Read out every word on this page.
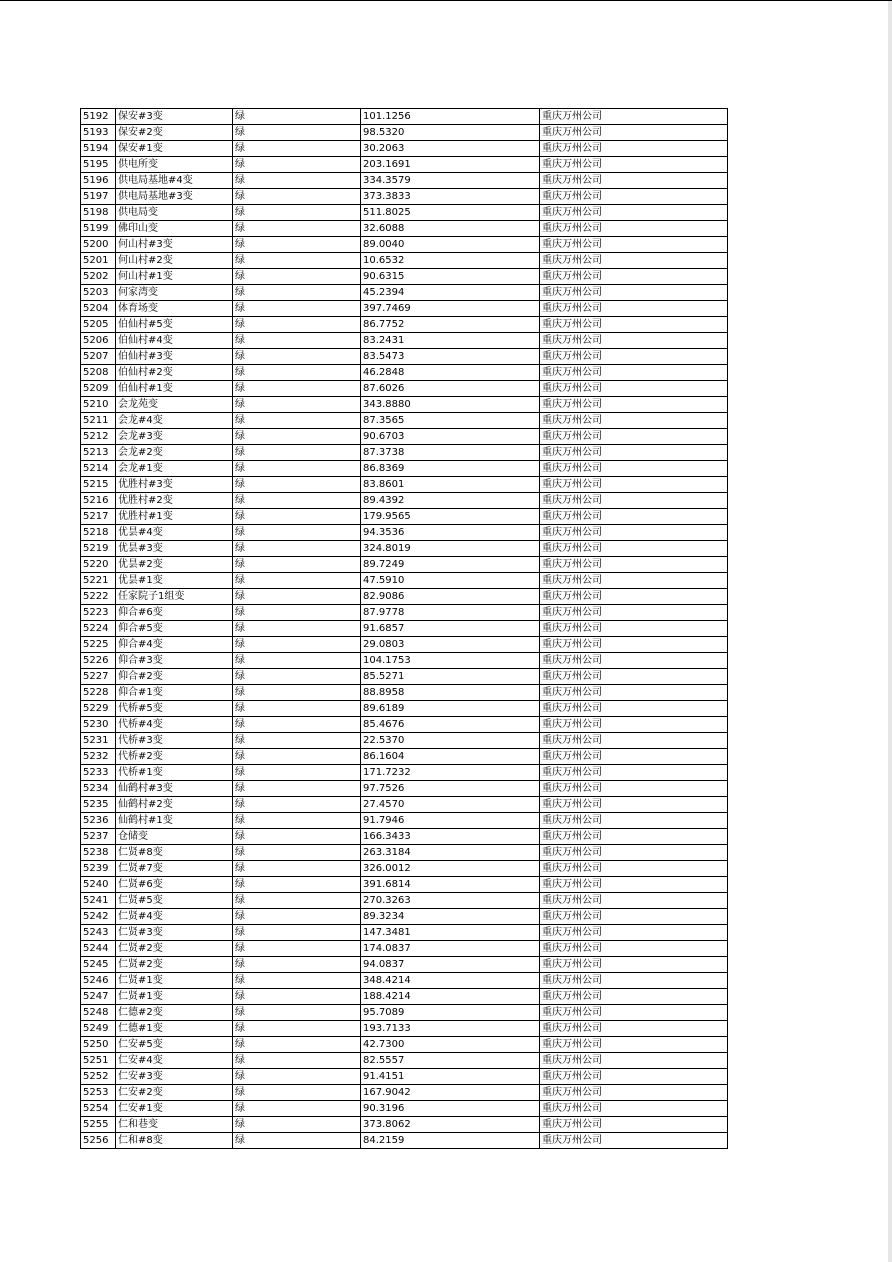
5192	保安#3变	绿	101.1256	重庆万州公司
5193	保安#2变	绿	98.5320	重庆万州公司
5194	保安#1变	绿	30.2063	重庆万州公司
5195	供电所变	绿	203.1691	重庆万州公司
5196	供电局基地#4变	绿	334.3579	重庆万州公司
5197	供电局基地#3变	绿	373.3833	重庆万州公司
5198	供电局变	绿	511.8025	重庆万州公司
5199	佛印山变	绿	32.6088	重庆万州公司
5200	何山村#3变	绿	89.0040	重庆万州公司
5201	何山村#2变	绿	10.6532	重庆万州公司
5202	何山村#1变	绿	90.6315	重庆万州公司
5203	何家湾变	绿	45.2394	重庆万州公司
5204	体育场变	绿	397.7469	重庆万州公司
5205	伯仙村#5变	绿	86.7752	重庆万州公司
5206	伯仙村#4变	绿	83.2431	重庆万州公司
5207	伯仙村#3变	绿	83.5473	重庆万州公司
5208	伯仙村#2变	绿	46.2848	重庆万州公司
5209	伯仙村#1变	绿	87.6026	重庆万州公司
5210	会龙苑变	绿	343.8880	重庆万州公司
5211	会龙#4变	绿	87.3565	重庆万州公司
5212	会龙#3变	绿	90.6703	重庆万州公司
5213	会龙#2变	绿	87.3738	重庆万州公司
5214	会龙#1变	绿	86.8369	重庆万州公司
5215	优胜村#3变	绿	83.8601	重庆万州公司
5216	优胜村#2变	绿	89.4392	重庆万州公司
5217	优胜村#1变	绿	179.9565	重庆万州公司
5218	优昙#4变	绿	94.3536	重庆万州公司
5219	优昙#3变	绿	324.8019	重庆万州公司
5220	优昙#2变	绿	89.7249	重庆万州公司
5221	优昙#1变	绿	47.5910	重庆万州公司
5222	任家院子1组变	绿	82.9086	重庆万州公司
5223	仰合#6变	绿	87.9778	重庆万州公司
5224	仰合#5变	绿	91.6857	重庆万州公司
5225	仰合#4变	绿	29.0803	重庆万州公司
5226	仰合#3变	绿	104.1753	重庆万州公司
5227	仰合#2变	绿	85.5271	重庆万州公司
5228	仰合#1变	绿	88.8958	重庆万州公司
5229	代桥#5变	绿	89.6189	重庆万州公司
5230	代桥#4变	绿	85.4676	重庆万州公司
5231	代桥#3变	绿	22.5370	重庆万州公司
5232	代桥#2变	绿	86.1604	重庆万州公司
5233	代桥#1变	绿	171.7232	重庆万州公司
5234	仙鹤村#3变	绿	97.7526	重庆万州公司
5235	仙鹤村#2变	绿	27.4570	重庆万州公司
5236	仙鹤村#1变	绿	91.7946	重庆万州公司
5237	仓储变	绿	166.3433	重庆万州公司
5238	仁贤#8变	绿	263.3184	重庆万州公司
5239	仁贤#7变	绿	326.0012	重庆万州公司
5240	仁贤#6变	绿	391.6814	重庆万州公司
5241	仁贤#5变	绿	270.3263	重庆万州公司
5242	仁贤#4变	绿	89.3234	重庆万州公司
5243	仁贤#3变	绿	147.3481	重庆万州公司
5244	仁贤#2变	绿	174.0837	重庆万州公司
5245	仁贤#2变	绿	94.0837	重庆万州公司
5246	仁贤#1变	绿	348.4214	重庆万州公司
5247	仁贤#1变	绿	188.4214	重庆万州公司
5248	仁德#2变	绿	95.7089	重庆万州公司
5249	仁德#1变	绿	193.7133	重庆万州公司
5250	仁安#5变	绿	42.7300	重庆万州公司
5251	仁安#4变	绿	82.5557	重庆万州公司
5252	仁安#3变	绿	91.4151	重庆万州公司
5253	仁安#2变	绿	167.9042	重庆万州公司
5254	仁安#1变	绿	90.3196	重庆万州公司
5255	仁和巷变	绿	373.8062	重庆万州公司
5256	仁和#8变	绿	84.2159	重庆万州公司
